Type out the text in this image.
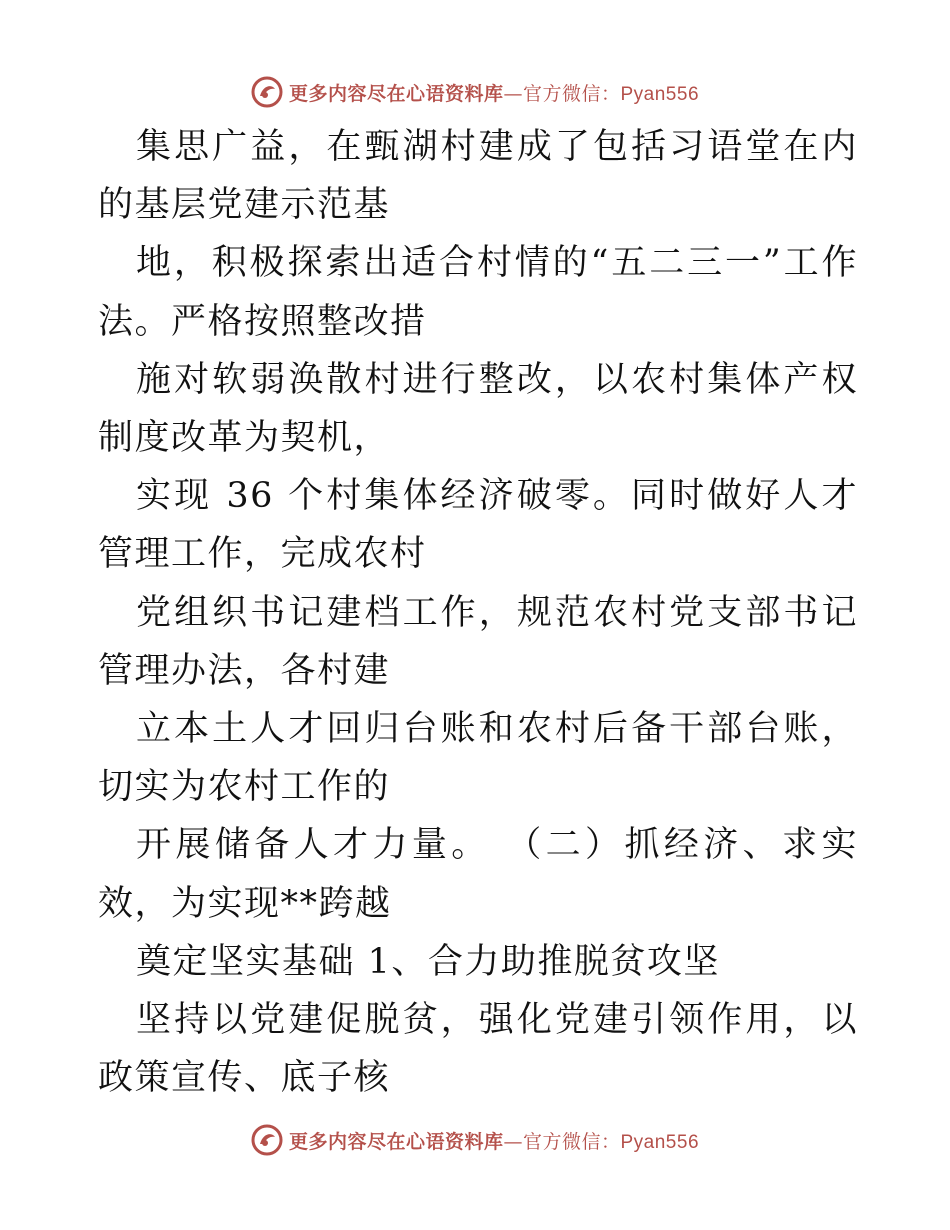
更多内容尽在心语资料库—官方微信：Pyan556

集思广益，在甄湖村建成了包括习语堂在内的基层党建示范基

地，积极探索出适合村情的“五二三一”工作法。严格按照整改措

施对软弱涣散村进行整改，以农村集体产权制度改革为契机，

实现 36 个村集体经济破零。同时做好人才管理工作，完成农村

党组织书记建档工作，规范农村党支部书记管理办法，各村建

立本土人才回归台账和农村后备干部台账，切实为农村工作的

开展储备人才力量。 （二）抓经济、求实效，为实现**跨越

奠定坚实基础 1、合力助推脱贫攻坚

坚持以党建促脱贫，强化党建引领作用，以政策宣传、底子核

更多内容尽在心语资料库—官方微信：Pyan556
